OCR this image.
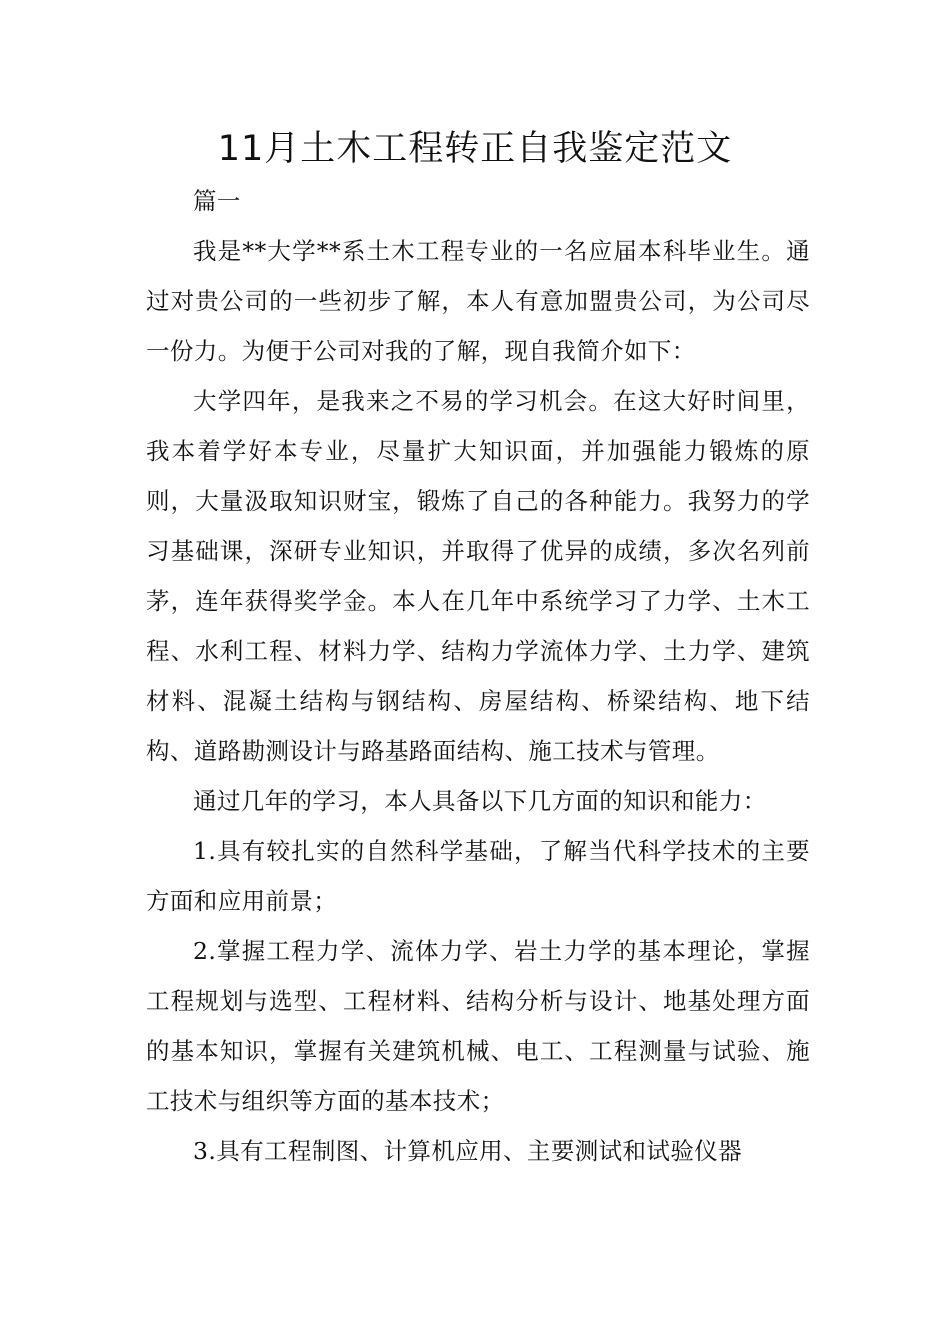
11月土木工程转正自我鉴定范文

篇一

我是**大学**系土木工程专业的一名应届本科毕业生。通过对贵公司的一些初步了解，本人有意加盟贵公司，为公司尽一份力。为便于公司对我的了解，现自我简介如下：

大学四年，是我来之不易的学习机会。在这大好时间里，我本着学好本专业，尽量扩大知识面，并加强能力锻炼的原则，大量汲取知识财宝，锻炼了自己的各种能力。我努力的学习基础课，深研专业知识，并取得了优异的成绩，多次名列前茅，连年获得奖学金。本人在几年中系统学习了力学、土木工程、水利工程、材料力学、结构力学流体力学、土力学、建筑材料、混凝土结构与钢结构、房屋结构、桥梁结构、地下结构、道路勘测设计与路基路面结构、施工技术与管理。

通过几年的学习，本人具备以下几方面的知识和能力：

1.具有较扎实的自然科学基础，了解当代科学技术的主要方面和应用前景；

2.掌握工程力学、流体力学、岩土力学的基本理论，掌握工程规划与选型、工程材料、结构分析与设计、地基处理方面的基本知识，掌握有关建筑机械、电工、工程测量与试验、施工技术与组织等方面的基本技术；

3.具有工程制图、计算机应用、主要测试和试验仪器
